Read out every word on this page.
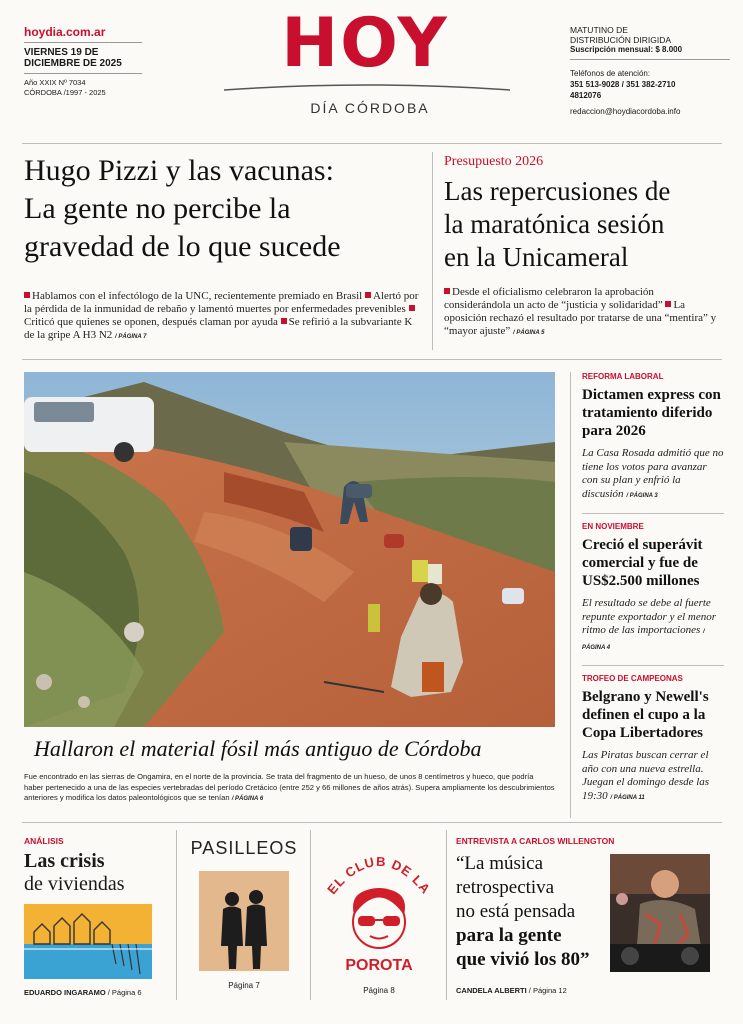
hoydia.com.ar
VIERNES 19 DE
DICIEMBRE DE 2025
Año XXIX Nº 7034
CÓRDOBA /1997 - 2025
HOY
DÍA CÓRDOBA
MATUTINO DE
DISTRIBUCIÓN DIRIGIDA
Suscripción mensual: $ 8.000
Teléfonos de atención:
351 513-9028 / 351 382-2710
4812076
redaccion@hoydiacordoba.info
Hugo Pizzi y las vacunas:
La gente no percibe la
gravedad de lo que sucede
Hablamos con el infectólogo de la UNC, recientemente premiado en Brasil Alertó por la pérdida de la inmunidad de rebaño y lamentó muertes por enfermedades prevenibles Criticó que quienes se oponen, después claman por ayuda Se refirió a la subvariante K de la gripe A H3 N2 / PÁGINA 7
Presupuesto 2026
Las repercusiones de
la maratónica sesión
en la Unicameral
Desde el oficialismo celebraron la aprobación considerándola un acto de “justicia y solidaridad” La oposición rechazó el resultado por tratarse de una “mentira” y “mayor ajuste” / PÁGINA 5
Hallaron el material fósil más antiguo de Córdoba
Fue encontrado en las sierras de Ongamira, en el norte de la provincia. Se trata del fragmento de un hueso, de unos 8 centímetros y hueco, que podría haber pertenecido a una de las especies vertebradas del período Cretácico (entre 252 y 66 millones de años atrás). Supera ampliamente los descubrimientos anteriores y modifica los datos paleontológicos que se tenían / PÁGINA 6
REFORMA LABORAL
Dictamen express con tratamiento diferido para 2026
La Casa Rosada admitió que no tiene los votos para avanzar con su plan y enfrió la discusión / PÁGINA 3
EN NOVIEMBRE
Creció el superávit comercial y fue de US$2.500 millones
El resultado se debe al fuerte repunte exportador y el menor ritmo de las importaciones / PÁGINA 4
TROFEO DE CAMPEONAS
Belgrano y Newell's definen el cupo a la Copa Libertadores
Las Piratas buscan cerrar el año con una nueva estrella. Juegan el domingo desde las 19:30 / PÁGINA 11
ANÁLISIS
Las crisis
de viviendas
EDUARDO INGARAMO / Página 6
PASILLEOS
Página 7
EL CLUB DE LA
POROTA
Página 8
ENTREVISTA A CARLOS WILLENGTON
“La música
retrospectiva
no está pensada
para la gente
que vivió los 80”
CANDELA ALBERTI / Página 12
